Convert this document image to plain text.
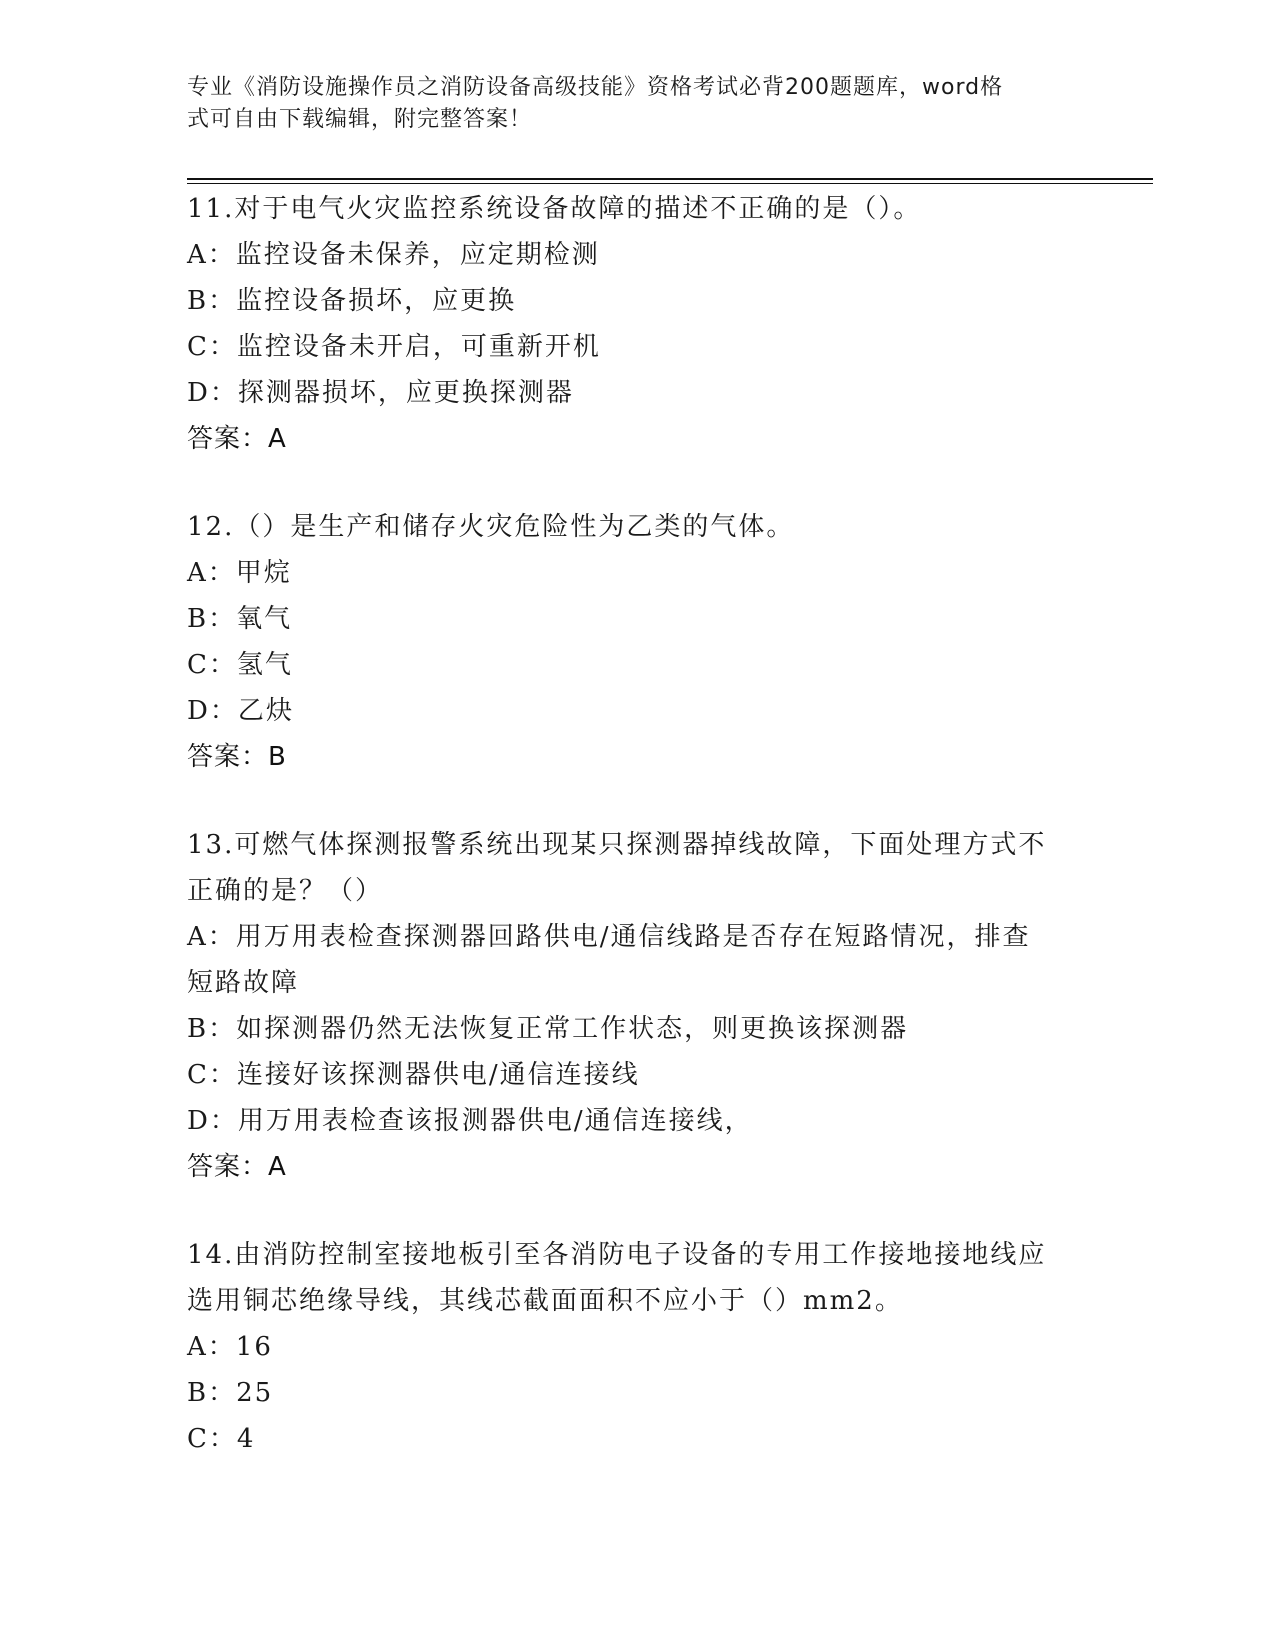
专业《消防设施操作员之消防设备高级技能》资格考试必背200题题库，word格
式可自由下载编辑，附完整答案！

11.对于电气火灾监控系统设备故障的描述不正确的是（）。

A：监控设备未保养，应定期检测

B：监控设备损坏，应更换

C：监控设备未开启，可重新开机

D：探测器损坏，应更换探测器

答案：A

12.（）是生产和储存火灾危险性为乙类的气体。

A：甲烷

B：氧气

C：氢气

D：乙炔

答案：B

13.可燃气体探测报警系统出现某只探测器掉线故障，下面处理方式不

正确的是？（）

A：用万用表检查探测器回路供电/通信线路是否存在短路情况，排查

短路故障

B：如探测器仍然无法恢复正常工作状态，则更换该探测器

C：连接好该探测器供电/通信连接线

D：用万用表检查该报测器供电/通信连接线，

答案：A

14.由消防控制室接地板引至各消防电子设备的专用工作接地接地线应

选用铜芯绝缘导线，其线芯截面面积不应小于（）mm2。

A：16

B：25

C：4
